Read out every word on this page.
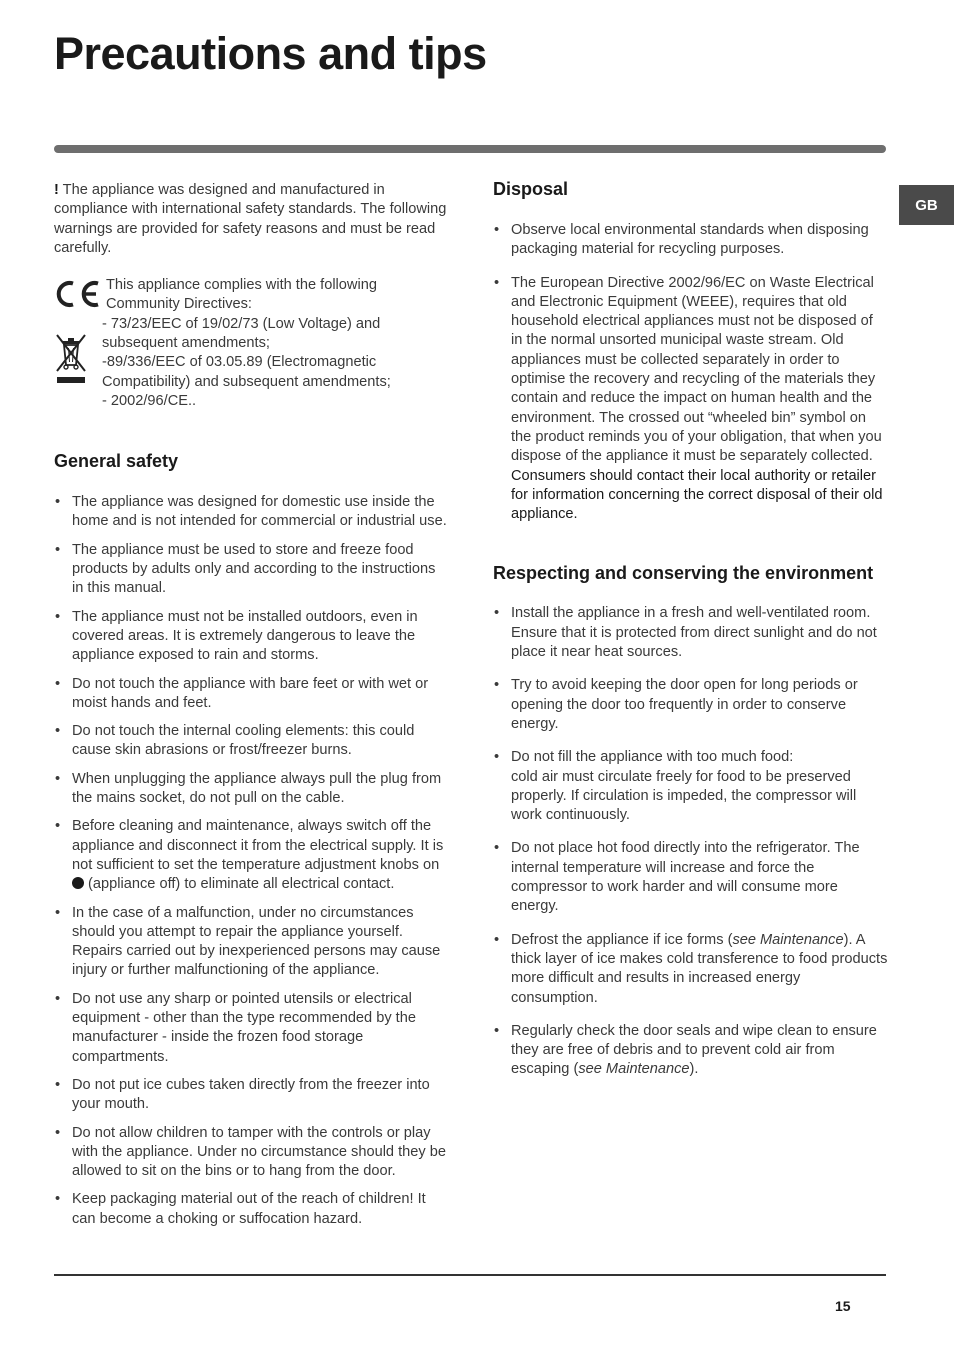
Precautions and tips
GB

! The appliance was designed and manufactured in compliance with international safety standards. The following warnings are provided for safety reasons and must be read carefully.

This appliance complies with the following
Community Directives:
- 73/23/EEC of 19/02/73 (Low Voltage) and
subsequent amendments;
-89/336/EEC of 03.05.89 (Electromagnetic
Compatibility) and subsequent amendments;
- 2002/96/CE..
General safety
• The appliance was designed for domestic use inside the home and is not intended for commercial or industrial use.
• The appliance must be used to store and freeze food products by adults only and according to the instructions in this manual.
• The appliance must not be installed outdoors, even in covered areas. It is extremely dangerous to leave the appliance exposed to rain and storms.
• Do not touch the appliance with bare feet or with wet or moist hands and feet.
• Do not touch the internal cooling elements: this could cause skin abrasions or frost/freezer burns.
• When unplugging the appliance always pull the plug from the mains socket, do not pull on the cable.
• Before cleaning and maintenance, always switch off the appliance and disconnect it from the electrical supply. It is not sufficient to set the temperature adjustment knobs on  (appliance off) to eliminate all electrical contact.
• In the case of a malfunction, under no circumstances should you attempt to repair the appliance yourself. Repairs carried out by inexperienced persons may cause injury or further malfunctioning of the appliance.
• Do not use any sharp or pointed utensils or electrical equipment - other than the type recommended by the manufacturer - inside the frozen food storage compartments.
• Do not put ice cubes taken directly from the freezer into your mouth.
• Do not allow children to tamper with the controls or play with the appliance. Under no circumstance should they be allowed to sit on the bins or to hang from the door.
• Keep packaging material out of the reach of children! It can become a choking or suffocation hazard.
Disposal
• Observe local environmental standards when disposing packaging material for recycling purposes.
• The European Directive 2002/96/EC on Waste Electrical and Electronic Equipment (WEEE), requires that old household electrical appliances must not be disposed of in the normal unsorted municipal waste stream. Old appliances must be collected separately in order to optimise the recovery and recycling of the materials they contain and reduce the impact on human health and the environment. The crossed out “wheeled bin” symbol on the product reminds you of your obligation, that when you dispose of the appliance it must be separately collected.
Consumers should contact their local authority or retailer for information concerning the correct disposal of their old appliance.
Respecting and conserving the environment
• Install the appliance in a fresh and well-ventilated room. Ensure that it is protected from direct sunlight and do not place it near heat sources.
• Try to avoid keeping the door open for long periods or opening the door too frequently in order to conserve energy.
• Do not fill the appliance with too much food:
cold air must circulate freely for food to be preserved properly. If circulation is impeded, the compressor will work continuously.
• Do not place hot food directly into the refrigerator. The internal temperature will increase and force the compressor to work harder and will consume more energy.
• Defrost the appliance if ice forms (see Maintenance). A thick layer of ice makes cold transference to food products more difficult and results in increased energy consumption.
• Regularly check the door seals and wipe clean to ensure they are free of debris and to prevent cold air from escaping (see Maintenance).
15
